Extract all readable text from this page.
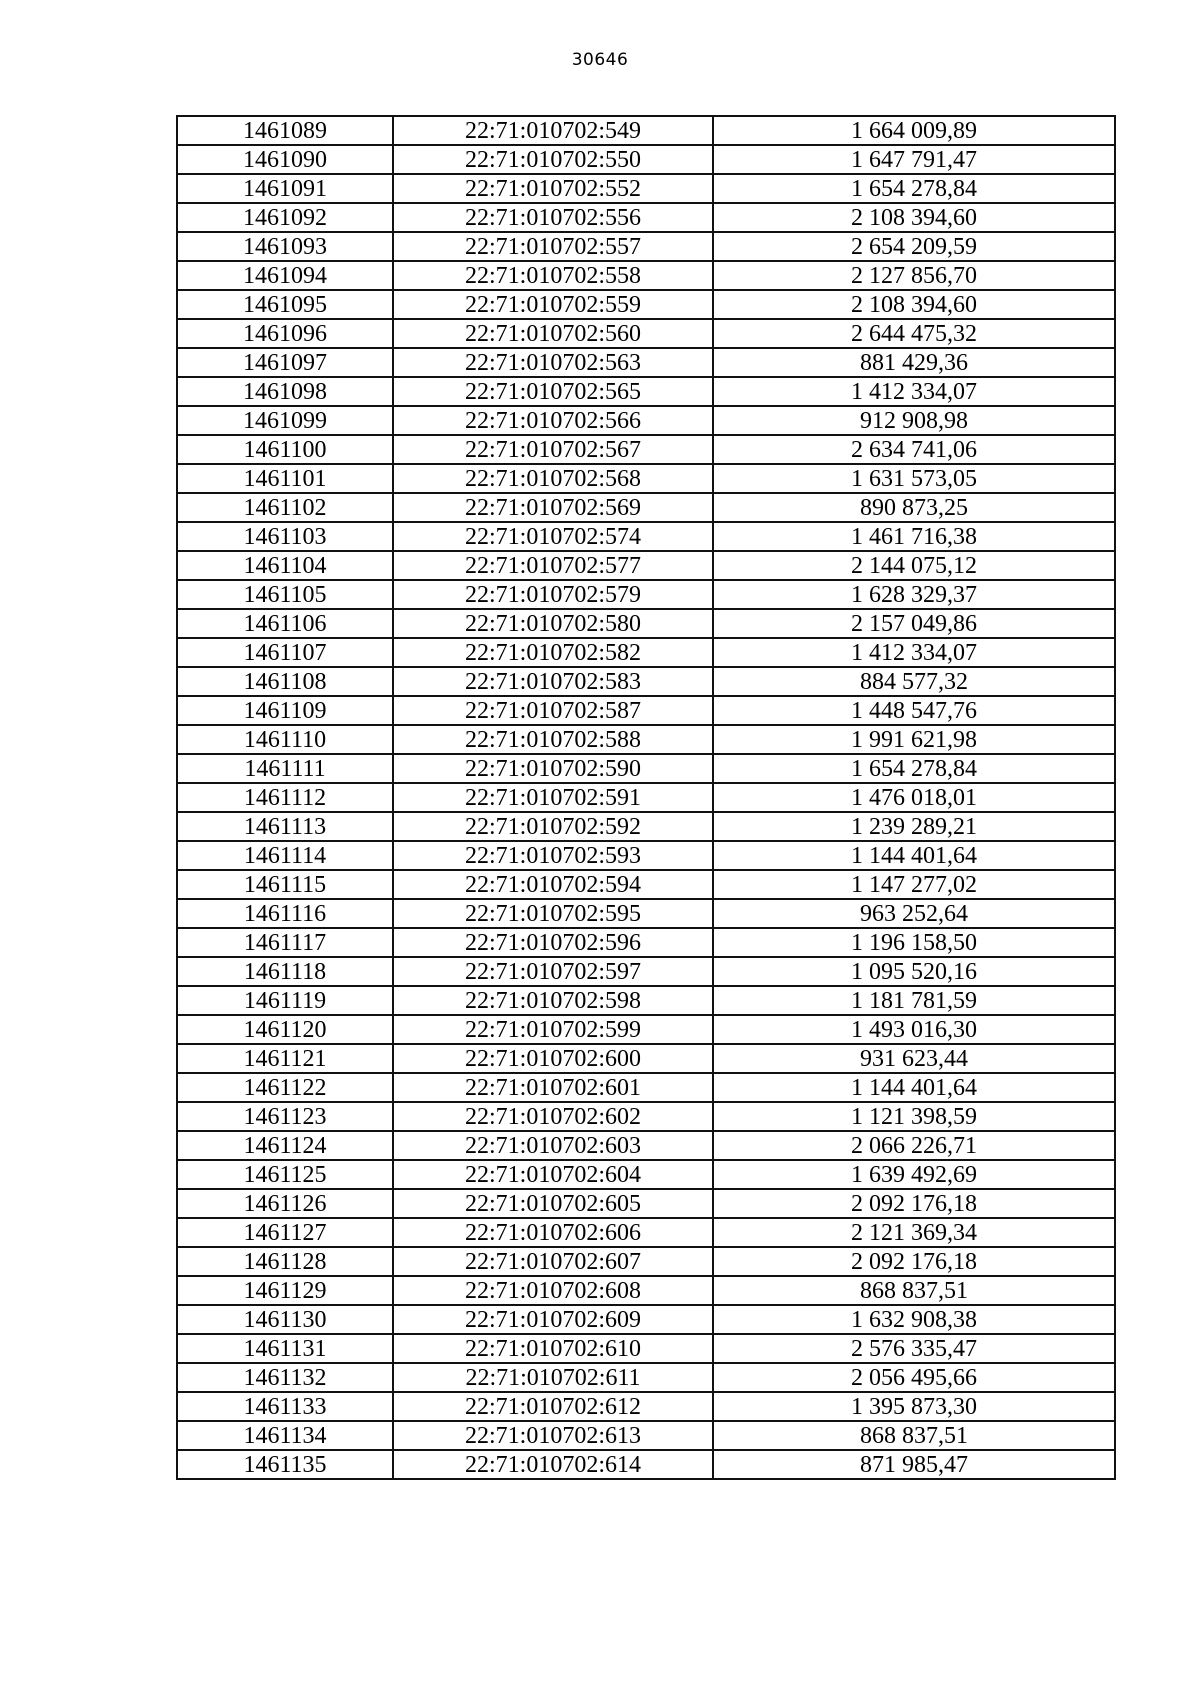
30646
1461089	22:71:010702:549	1 664 009,89
1461090	22:71:010702:550	1 647 791,47
1461091	22:71:010702:552	1 654 278,84
1461092	22:71:010702:556	2 108 394,60
1461093	22:71:010702:557	2 654 209,59
1461094	22:71:010702:558	2 127 856,70
1461095	22:71:010702:559	2 108 394,60
1461096	22:71:010702:560	2 644 475,32
1461097	22:71:010702:563	881 429,36
1461098	22:71:010702:565	1 412 334,07
1461099	22:71:010702:566	912 908,98
1461100	22:71:010702:567	2 634 741,06
1461101	22:71:010702:568	1 631 573,05
1461102	22:71:010702:569	890 873,25
1461103	22:71:010702:574	1 461 716,38
1461104	22:71:010702:577	2 144 075,12
1461105	22:71:010702:579	1 628 329,37
1461106	22:71:010702:580	2 157 049,86
1461107	22:71:010702:582	1 412 334,07
1461108	22:71:010702:583	884 577,32
1461109	22:71:010702:587	1 448 547,76
1461110	22:71:010702:588	1 991 621,98
1461111	22:71:010702:590	1 654 278,84
1461112	22:71:010702:591	1 476 018,01
1461113	22:71:010702:592	1 239 289,21
1461114	22:71:010702:593	1 144 401,64
1461115	22:71:010702:594	1 147 277,02
1461116	22:71:010702:595	963 252,64
1461117	22:71:010702:596	1 196 158,50
1461118	22:71:010702:597	1 095 520,16
1461119	22:71:010702:598	1 181 781,59
1461120	22:71:010702:599	1 493 016,30
1461121	22:71:010702:600	931 623,44
1461122	22:71:010702:601	1 144 401,64
1461123	22:71:010702:602	1 121 398,59
1461124	22:71:010702:603	2 066 226,71
1461125	22:71:010702:604	1 639 492,69
1461126	22:71:010702:605	2 092 176,18
1461127	22:71:010702:606	2 121 369,34
1461128	22:71:010702:607	2 092 176,18
1461129	22:71:010702:608	868 837,51
1461130	22:71:010702:609	1 632 908,38
1461131	22:71:010702:610	2 576 335,47
1461132	22:71:010702:611	2 056 495,66
1461133	22:71:010702:612	1 395 873,30
1461134	22:71:010702:613	868 837,51
1461135	22:71:010702:614	871 985,47
